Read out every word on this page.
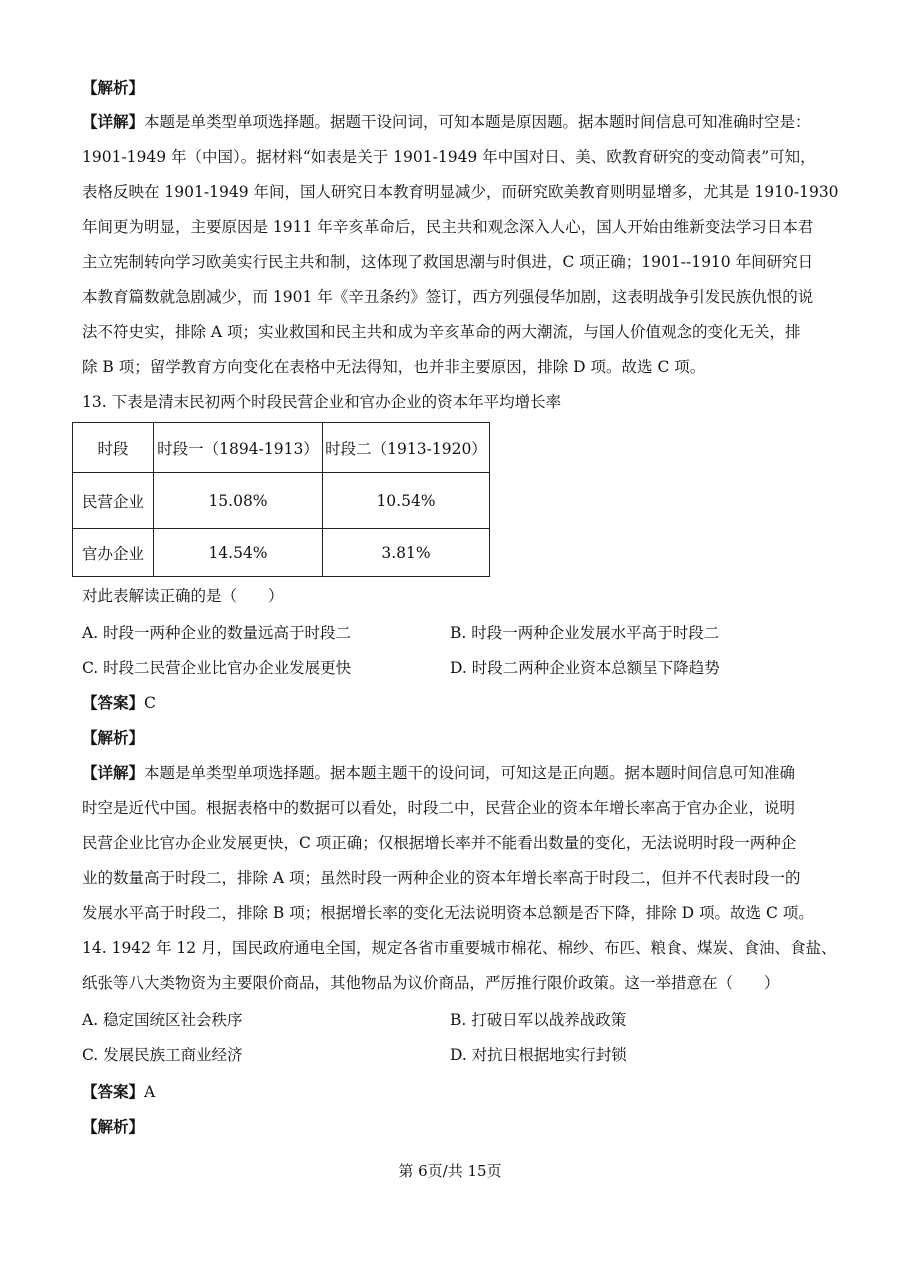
【解析】
【详解】本题是单类型单项选择题。据题干设问词，可知本题是原因题。据本题时间信息可知准确时空是：
1901-1949 年（中国）。据材料“如表是关于 1901-1949 年中国对日、美、欧教育研究的变动简表”可知，
表格反映在 1901-1949 年间，国人研究日本教育明显减少，而研究欧美教育则明显增多，尤其是 1910-1930
年间更为明显，主要原因是 1911 年辛亥革命后，民主共和观念深入人心，国人开始由维新变法学习日本君
主立宪制转向学习欧美实行民主共和制，这体现了救国思潮与时俱进，C 项正确；1901--1910 年间研究日
本教育篇数就急剧减少，而 1901 年《辛丑条约》签订，西方列强侵华加剧，这表明战争引发民族仇恨的说
法不符史实，排除 A 项；实业救国和民主共和成为辛亥革命的两大潮流，与国人价值观念的变化无关，排
除 B 项；留学教育方向变化在表格中无法得知，也并非主要原因，排除 D 项。故选 C 项。
13. 下表是清末民初两个时段民营企业和官办企业的资本年平均增长率
时段	时段一（1894-1913）	时段二（1913-1920）
民营企业	15.08%	10.54%
官办企业	14.54%	3.81%
对此表解读正确的是（　　）
A. 时段一两种企业的数量远高于时段二	B. 时段一两种企业发展水平高于时段二
C. 时段二民营企业比官办企业发展更快	D. 时段二两种企业资本总额呈下降趋势
【答案】C
【解析】
【详解】本题是单类型单项选择题。据本题主题干的设问词，可知这是正向题。据本题时间信息可知准确
时空是近代中国。根据表格中的数据可以看处，时段二中，民营企业的资本年增长率高于官办企业，说明
民营企业比官办企业发展更快，C 项正确；仅根据增长率并不能看出数量的变化，无法说明时段一两种企
业的数量高于时段二，排除 A 项；虽然时段一两种企业的资本年增长率高于时段二，但并不代表时段一的
发展水平高于时段二，排除 B 项；根据增长率的变化无法说明资本总额是否下降，排除 D 项。故选 C 项。
14. 1942 年 12 月，国民政府通电全国，规定各省市重要城市棉花、棉纱、布匹、粮食、煤炭、食油、食盐、
纸张等八大类物资为主要限价商品，其他物品为议价商品，严厉推行限价政策。这一举措意在（　　）
A. 稳定国统区社会秩序	B. 打破日军以战养战政策
C. 发展民族工商业经济	D. 对抗日根据地实行封锁
【答案】A
【解析】
第 6页/共 15页
